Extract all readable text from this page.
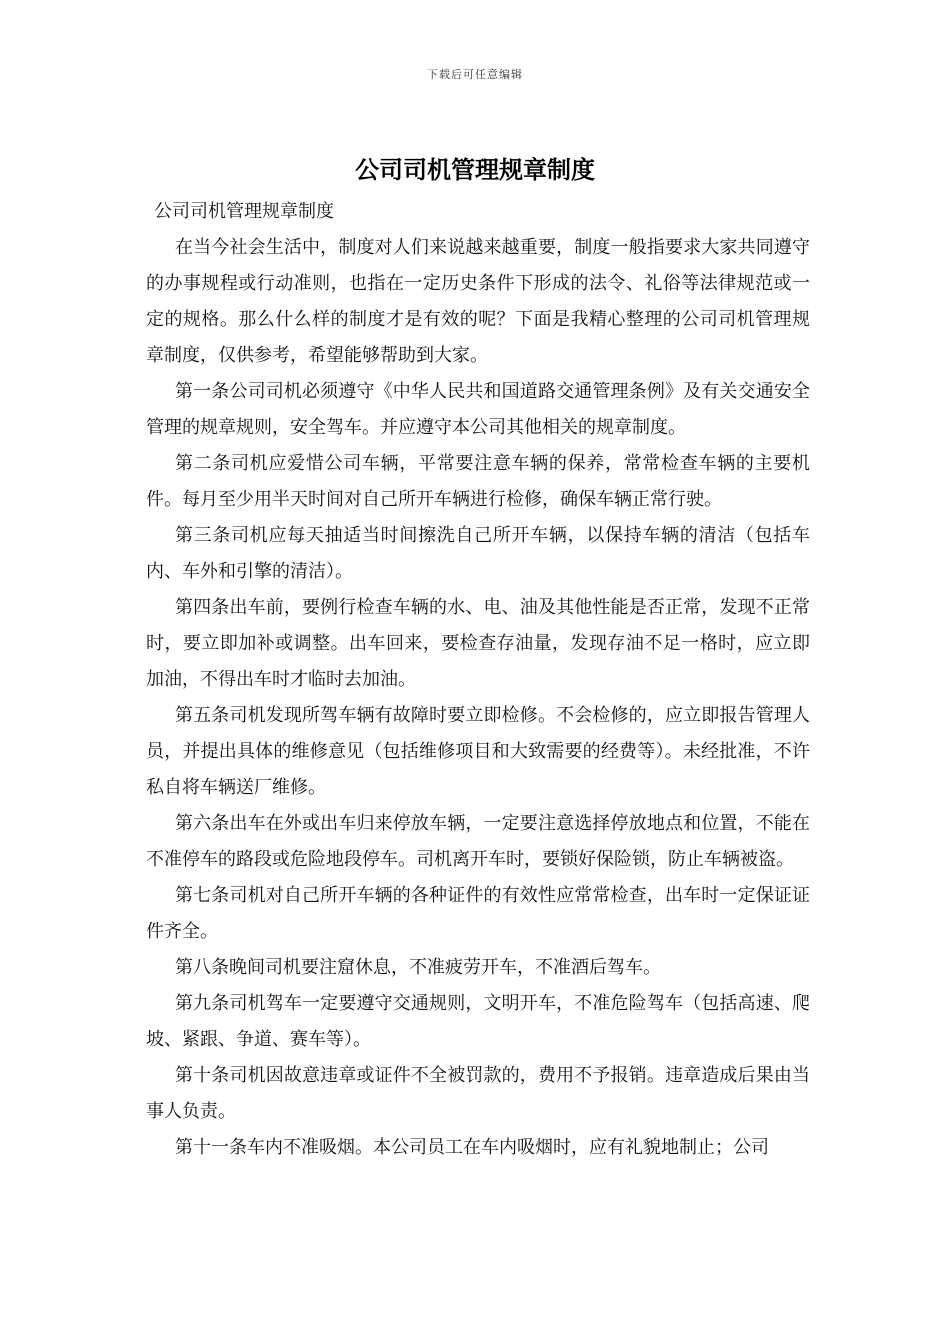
下载后可任意编辑
公司司机管理规章制度

公司司机管理规章制度

在当今社会生活中，制度对人们来说越来越重要，制度一般指要求大家共同遵守的办事规程或行动准则，也指在一定历史条件下形成的法令、礼俗等法律规范或一定的规格。那么什么样的制度才是有效的呢？下面是我精心整理的公司司机管理规章制度，仅供参考，希望能够帮助到大家。

第一条公司司机必须遵守《中华人民共和国道路交通管理条例》及有关交通安全管理的规章规则，安全驾车。并应遵守本公司其他相关的规章制度。

第二条司机应爱惜公司车辆，平常要注意车辆的保养，常常检查车辆的主要机件。每月至少用半天时间对自己所开车辆进行检修，确保车辆正常行驶。

第三条司机应每天抽适当时间擦洗自己所开车辆，以保持车辆的清洁（包括车内、车外和引擎的清洁）。

第四条出车前，要例行检查车辆的水、电、油及其他性能是否正常，发现不正常时，要立即加补或调整。出车回来，要检查存油量，发现存油不足一格时，应立即加油，不得出车时才临时去加油。

第五条司机发现所驾车辆有故障时要立即检修。不会检修的，应立即报告管理人员，并提出具体的维修意见（包括维修项目和大致需要的经费等）。未经批准，不许私自将车辆送厂维修。

第六条出车在外或出车归来停放车辆，一定要注意选择停放地点和位置，不能在不准停车的路段或危险地段停车。司机离开车时，要锁好保险锁，防止车辆被盗。

第七条司机对自己所开车辆的各种证件的有效性应常常检查，出车时一定保证证件齐全。

第八条晚间司机要注窟休息，不准疲劳开车，不准酒后驾车。

第九条司机驾车一定要遵守交通规则，文明开车，不准危险驾车（包括高速、爬坡、紧跟、争道、赛车等）。

第十条司机因故意违章或证件不全被罚款的，费用不予报销。违章造成后果由当事人负责。

第十一条车内不准吸烟。本公司员工在车内吸烟时，应有礼貌地制止；公司
